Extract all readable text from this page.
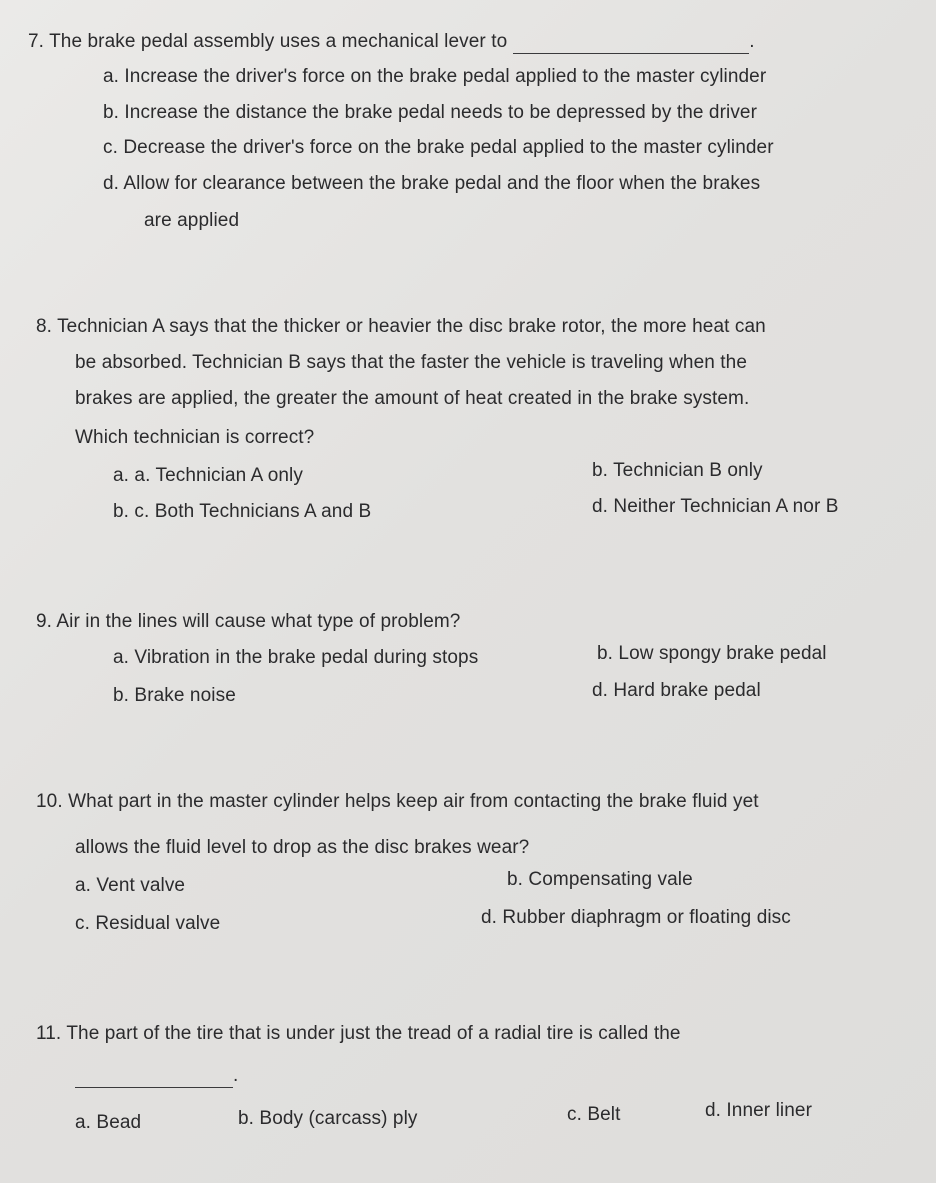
7. The brake pedal assembly uses a mechanical lever to	.
a. Increase the driver's force on the brake pedal applied to the master cylinder
b. Increase the distance the brake pedal needs to be depressed by the driver
c. Decrease the driver's force on the brake pedal applied to the master cylinder
d. Allow for clearance between the brake pedal and the floor when the brakes
are applied
8. Technician A says that the thicker or heavier the disc brake rotor, the more heat can
be absorbed. Technician B says that the faster the vehicle is traveling when the
brakes are applied, the greater the amount of heat created in the brake system.
Which technician is correct?
a. a. Technician A only	b. Technician B only
b. c. Both Technicians A and B	d. Neither Technician A nor B
9. Air in the lines will cause what type of problem?
a. Vibration in the brake pedal during stops	b. Low spongy brake pedal
b. Brake noise	d. Hard brake pedal
10. What part in the master cylinder helps keep air from contacting the brake fluid yet
allows the fluid level to drop as the disc brakes wear?
a. Vent valve	b. Compensating vale
c. Residual valve	d. Rubber diaphragm or floating disc
11. The part of the tire that is under just the tread of a radial tire is called the
.
a. Bead	b. Body (carcass) ply	c. Belt	d. Inner liner
